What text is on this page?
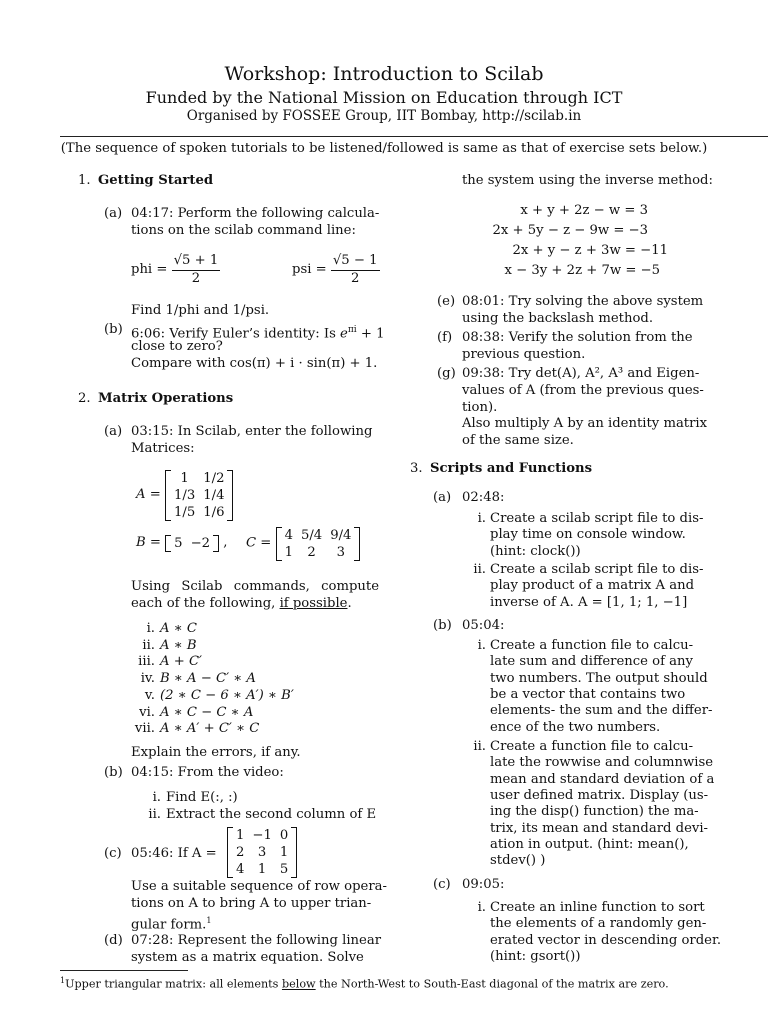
Workshop: Introduction to Scilab
Funded by the National Mission on Education through ICT
Organised by FOSSEE Group, IIT Bombay, http://scilab.in
(The sequence of spoken tutorials to be listened/followed is same as that of exercise sets below.)
1. Getting Started
(a) 04:17: Perform the following calcula-
tions on the scilab command line:
phi = $\frac{√5 + 1}{2}$	psi = $\frac{√5 - 1}{2}$
Find 1/phi and 1/psi.
(b) 6:06: Verify Euler’s identity: Is $e^{\pi i} + 1$
close to zero?
Compare with cos(π) + i · sin(π) + 1.
2. Matrix Operations
(a) 03:15: In Scilab, enter the following
Matrices:
A =
1	1/2
1/3	1/4
1/5	1/6
B = 5	−2 , C =
4	5/4	9/4
1	2	3
Using Scilab commands, compute
each of the following, if possible.
i. A ∗ C
ii. A ∗ B
iii. A + C′
iv. B ∗ A − C′ ∗ A
v. (2 ∗ C − 6 ∗ A′) ∗ B′
vi. A ∗ C − C ∗ A
vii. A ∗ A′ + C′ ∗ C
Explain the errors, if any.
(b) 04:15: From the video:
i. Find E(:, :)
ii. Extract the second column of E
(c) 05:46: If A =
1	−1	0
2	3	1
4	1	5
Use a suitable sequence of row opera-
tions on A to bring A to upper trian-
gular form.$^1$
(d) 07:28: Represent the following linear
system as a matrix equation. Solve
the system using the inverse method:
x + y + 2z − w = 3
2x + 5y − z − 9w = −3
2x + y − z + 3w = −11
x − 3y + 2z + 7w = −5
(e) 08:01: Try solving the above system
using the backslash method.
(f) 08:38: Verify the solution from the
previous question.
(g) 09:38: Try det(A), A², A³ and Eigen-
values of A (from the previous ques-
tion).
Also multiply A by an identity matrix
of the same size.
3. Scripts and Functions
(a) 02:48:
i. Create a scilab script file to dis-
play time on console window.
(hint: clock())
ii. Create a scilab script file to dis-
play product of a matrix A and
inverse of A. A = [1, 1; 1, −1]
i. Create a function file to calcu-
late sum and difference of any
two numbers. The output should
be a vector that contains two
elements- the sum and the differ-
ence of the two numbers.
ii. Create a function file to calcu-
late the rowwise and columnwise
mean and standard deviation of a
user defined matrix. Display (us-
ing the disp() function) the ma-
trix, its mean and standard devi-
ation in output. (hint: mean(),
stdev() )
i. Create an inline function to sort
the elements of a randomly gen-
erated vector in descending order.
(hint: gsort())
(b) 05:04:
(c) 09:05:
$^1$Upper triangular matrix: all elements below the North-West to South-East diagonal of the matrix are zero.
